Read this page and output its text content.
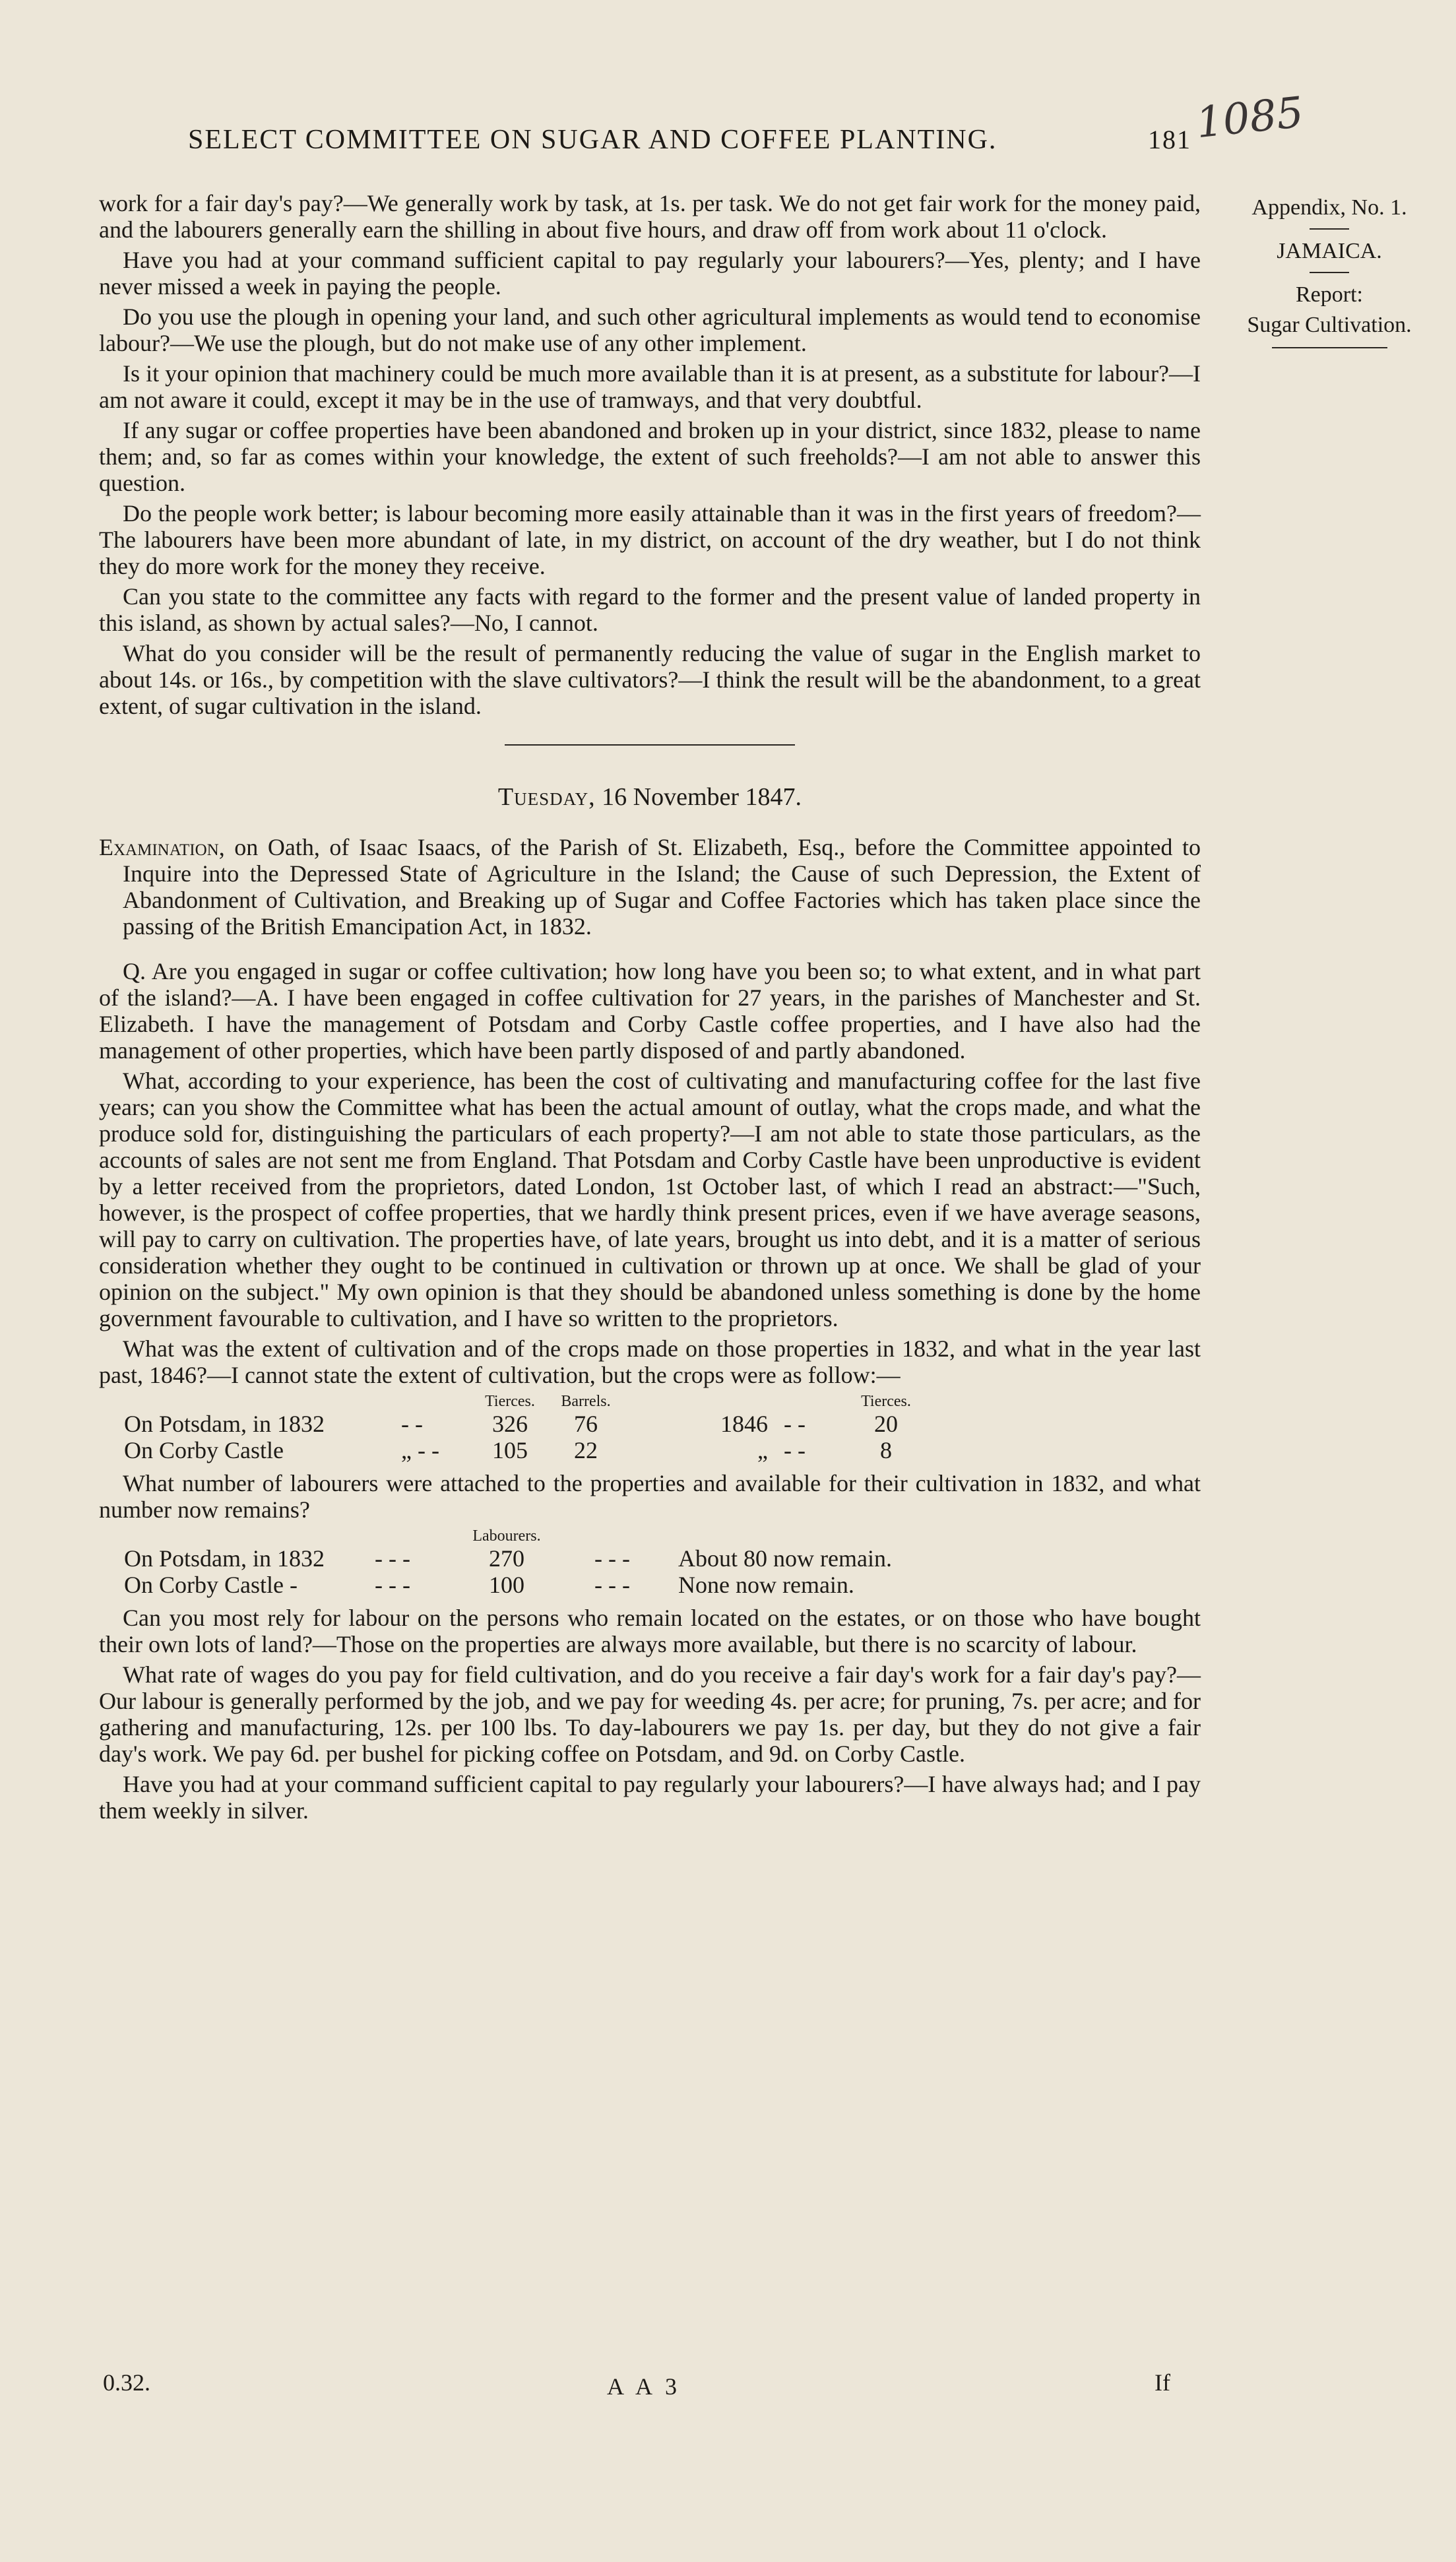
SELECT COMMITTEE ON SUGAR AND COFFEE PLANTING.	181 1085
Appendix, No. 1.
JAMAICA.
Report:
Sugar Cultivation.

work for a fair day's pay?—We generally work by task, at 1s. per task. We do not get fair work for the money paid, and the labourers generally earn the shilling in about five hours, and draw off from work about 11 o'clock.

Have you had at your command sufficient capital to pay regularly your labourers?—Yes, plenty; and I have never missed a week in paying the people.

Do you use the plough in opening your land, and such other agricultural implements as would tend to economise labour?—We use the plough, but do not make use of any other implement.

Is it your opinion that machinery could be much more available than it is at present, as a substitute for labour?—I am not aware it could, except it may be in the use of tramways, and that very doubtful.

If any sugar or coffee properties have been abandoned and broken up in your district, since 1832, please to name them; and, so far as comes within your knowledge, the extent of such freeholds?—I am not able to answer this question.

Do the people work better; is labour becoming more easily attainable than it was in the first years of freedom?—The labourers have been more abundant of late, in my district, on account of the dry weather, but I do not think they do more work for the money they receive.

Can you state to the committee any facts with regard to the former and the present value of landed property in this island, as shown by actual sales?—No, I cannot.

What do you consider will be the result of permanently reducing the value of sugar in the English market to about 14s. or 16s., by competition with the slave cultivators?—I think the result will be the abandonment, to a great extent, of sugar cultivation in the island.

Tuesday, 16 November 1847.

Examination, on Oath, of Isaac Isaacs, of the Parish of St. Elizabeth, Esq., before the Committee appointed to Inquire into the Depressed State of Agriculture in the Island; the Cause of such Depression, the Extent of Abandonment of Cultivation, and Breaking up of Sugar and Coffee Factories which has taken place since the passing of the British Emancipation Act, in 1832.

Q. Are you engaged in sugar or coffee cultivation; how long have you been so; to what extent, and in what part of the island?—A. I have been engaged in coffee cultivation for 27 years, in the parishes of Manchester and St. Elizabeth. I have the management of Potsdam and Corby Castle coffee properties, and I have also had the management of other properties, which have been partly disposed of and partly abandoned.

What, according to your experience, has been the cost of cultivating and manufacturing coffee for the last five years; can you show the Committee what has been the actual amount of outlay, what the crops made, and what the produce sold for, distinguishing the particulars of each property?—I am not able to state those particulars, as the accounts of sales are not sent me from England. That Potsdam and Corby Castle have been unproductive is evident by a letter received from the proprietors, dated London, 1st October last, of which I read an abstract:—"Such, however, is the prospect of coffee properties, that we hardly think present prices, even if we have average seasons, will pay to carry on cultivation. The properties have, of late years, brought us into debt, and it is a matter of serious consideration whether they ought to be continued in cultivation or thrown up at once. We shall be glad of your opinion on the subject." My own opinion is that they should be abandoned unless something is done by the home government favourable to cultivation, and I have so written to the proprietors.

What was the extent of cultivation and of the crops made on those properties in 1832, and what in the year last past, 1846?—I cannot state the extent of cultivation, but the crops were as follow:—

		Tierces.	Barrels.			Tierces.
On Potsdam, in 1832	- -	326	76	1846	- -	20
On Corby Castle	„ - -	105	22	„	- -	8

What number of labourers were attached to the properties and available for their cultivation in 1832, and what number now remains?

		Labourers.		
On Potsdam, in 1832	- - -	270	- - -	About 80 now remain.
On Corby Castle -	- - -	100	- - -	None now remain.

Can you most rely for labour on the persons who remain located on the estates, or on those who have bought their own lots of land?—Those on the properties are always more available, but there is no scarcity of labour.

What rate of wages do you pay for field cultivation, and do you receive a fair day's work for a fair day's pay?—Our labour is generally performed by the job, and we pay for weeding 4s. per acre; for pruning, 7s. per acre; and for gathering and manufacturing, 12s. per 100 lbs. To day-labourers we pay 1s. per day, but they do not give a fair day's work. We pay 6d. per bushel for picking coffee on Potsdam, and 9d. on Corby Castle.

Have you had at your command sufficient capital to pay regularly your labourers?—I have always had; and I pay them weekly in silver.

0.32.	A A 3	If
